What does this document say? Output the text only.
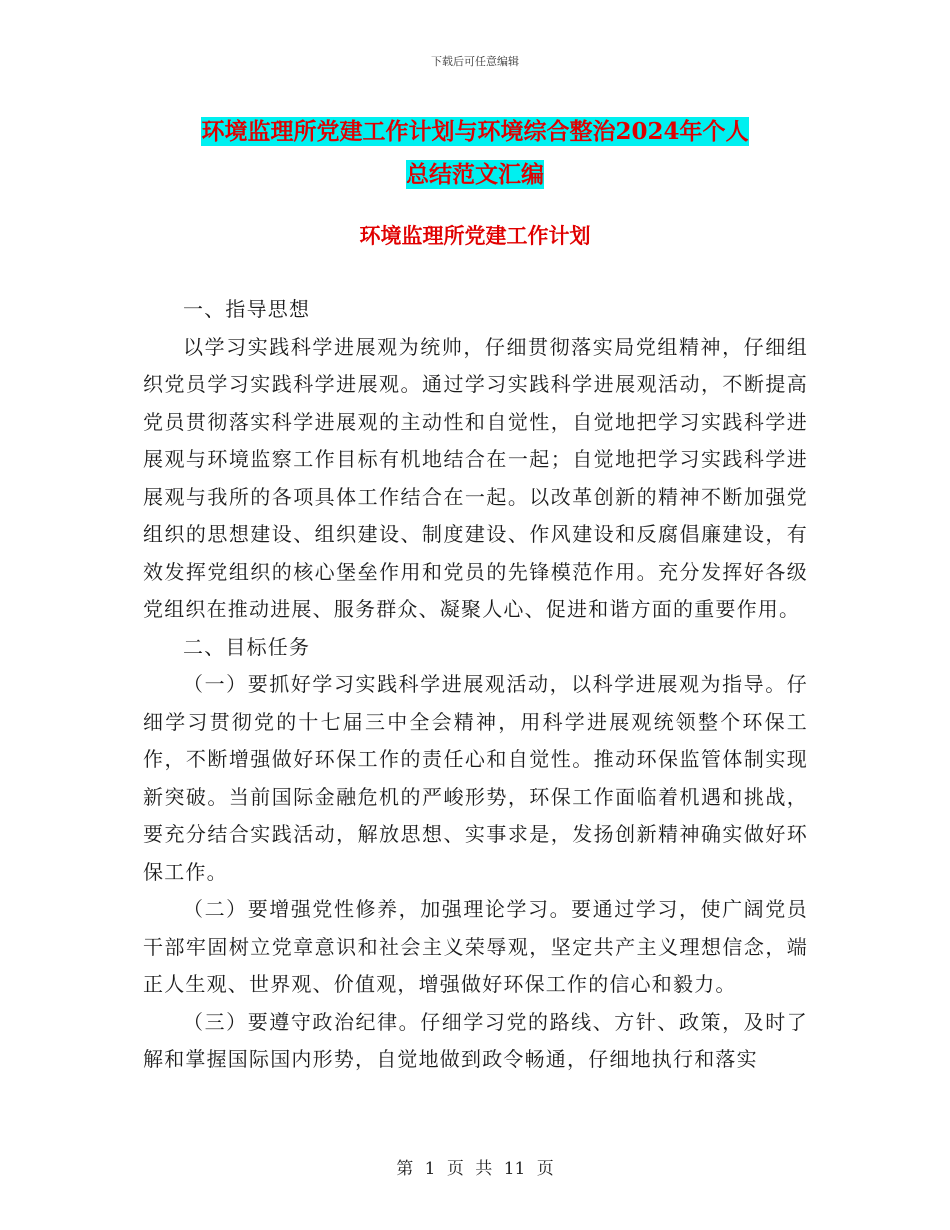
下载后可任意编辑
环境监理所党建工作计划与环境综合整治2024年个人
总结范文汇编
环境监理所党建工作计划

一、指导思想

以学习实践科学进展观为统帅，仔细贯彻落实局党组精神，仔细组织党员学习实践科学进展观。通过学习实践科学进展观活动，不断提高党员贯彻落实科学进展观的主动性和自觉性，自觉地把学习实践科学进展观与环境监察工作目标有机地结合在一起；自觉地把学习实践科学进展观与我所的各项具体工作结合在一起。以改革创新的精神不断加强党组织的思想建设、组织建设、制度建设、作风建设和反腐倡廉建设，有效发挥党组织的核心堡垒作用和党员的先锋模范作用。充分发挥好各级党组织在推动进展、服务群众、凝聚人心、促进和谐方面的重要作用。

二、目标任务

（一）要抓好学习实践科学进展观活动，以科学进展观为指导。仔细学习贯彻党的十七届三中全会精神，用科学进展观统领整个环保工作，不断增强做好环保工作的责任心和自觉性。推动环保监管体制实现新突破。当前国际金融危机的严峻形势，环保工作面临着机遇和挑战，要充分结合实践活动，解放思想、实事求是，发扬创新精神确实做好环保工作。

（二）要增强党性修养，加强理论学习。要通过学习，使广阔党员干部牢固树立党章意识和社会主义荣辱观，坚定共产主义理想信念，端正人生观、世界观、价值观，增强做好环保工作的信心和毅力。

（三）要遵守政治纪律。仔细学习党的路线、方针、政策，及时了解和掌握国际国内形势，自觉地做到政令畅通，仔细地执行和落实

第 1 页 共 11 页
